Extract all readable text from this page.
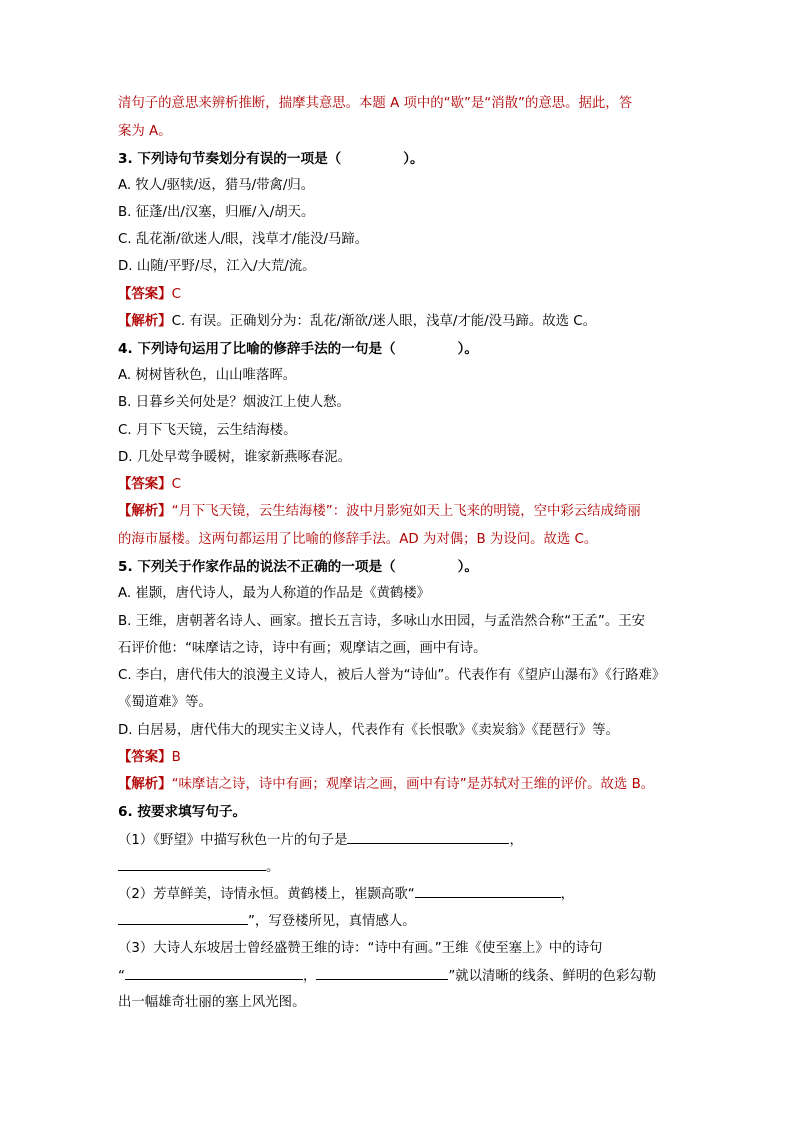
清句子的意思来辨析推断，揣摩其意思。本题 A 项中的“歇”是“消散”的意思。据此，答
案为 A。
3. 下列诗句节奏划分有误的一项是（	）。
A. 牧人/驱犊/返，猎马/带禽/归。
B. 征蓬/出/汉塞，归雁/入/胡天。
C. 乱花渐/欲迷人/眼，浅草才/能没/马蹄。
D. 山随/平野/尽，江入/大荒/流。
【答案】C
【解析】C. 有误。正确划分为：乱花/渐欲/迷人眼，浅草/才能/没马蹄。故选 C。
4. 下列诗句运用了比喻的修辞手法的一句是（	）。
A. 树树皆秋色，山山唯落晖。
B. 日暮乡关何处是？烟波江上使人愁。
C. 月下飞天镜，云生结海楼。
D. 几处早莺争暖树，谁家新燕啄春泥。
【答案】C
【解析】“月下飞天镜，云生结海楼”：波中月影宛如天上飞来的明镜，空中彩云结成绮丽
的海市蜃楼。这两句都运用了比喻的修辞手法。AD 为对偶；B 为设问。故选 C。
5. 下列关于作家作品的说法不正确的一项是（	）。
A. 崔颢，唐代诗人，最为人称道的作品是《黄鹤楼》
B. 王维，唐朝著名诗人、画家。擅长五言诗，多咏山水田园，与孟浩然合称“王孟”。王安
石评价他：“味摩诘之诗，诗中有画；观摩诘之画，画中有诗。
C. 李白，唐代伟大的浪漫主义诗人，被后人誉为“诗仙”。代表作有《望庐山瀑布》《行路难》
《蜀道难》等。
D. 白居易，唐代伟大的现实主义诗人，代表作有《长恨歌》《卖炭翁》《琵琶行》等。
【答案】B
【解析】“味摩诘之诗，诗中有画；观摩诘之画，画中有诗”是苏轼对王维的评价。故选 B。
6. 按要求填写句子。
（1）《野望》中描写秋色一片的句子是	，
。
（2）芳草鲜美，诗情永恒。黄鹤楼上，崔颢高歌“	，
”，写登楼所见，真情感人。
（3）大诗人东坡居士曾经盛赞王维的诗：“诗中有画。”王维《使至塞上》中的诗句
“	，	”就以清晰的线条、鲜明的色彩勾勒
出一幅雄奇壮丽的塞上风光图。
